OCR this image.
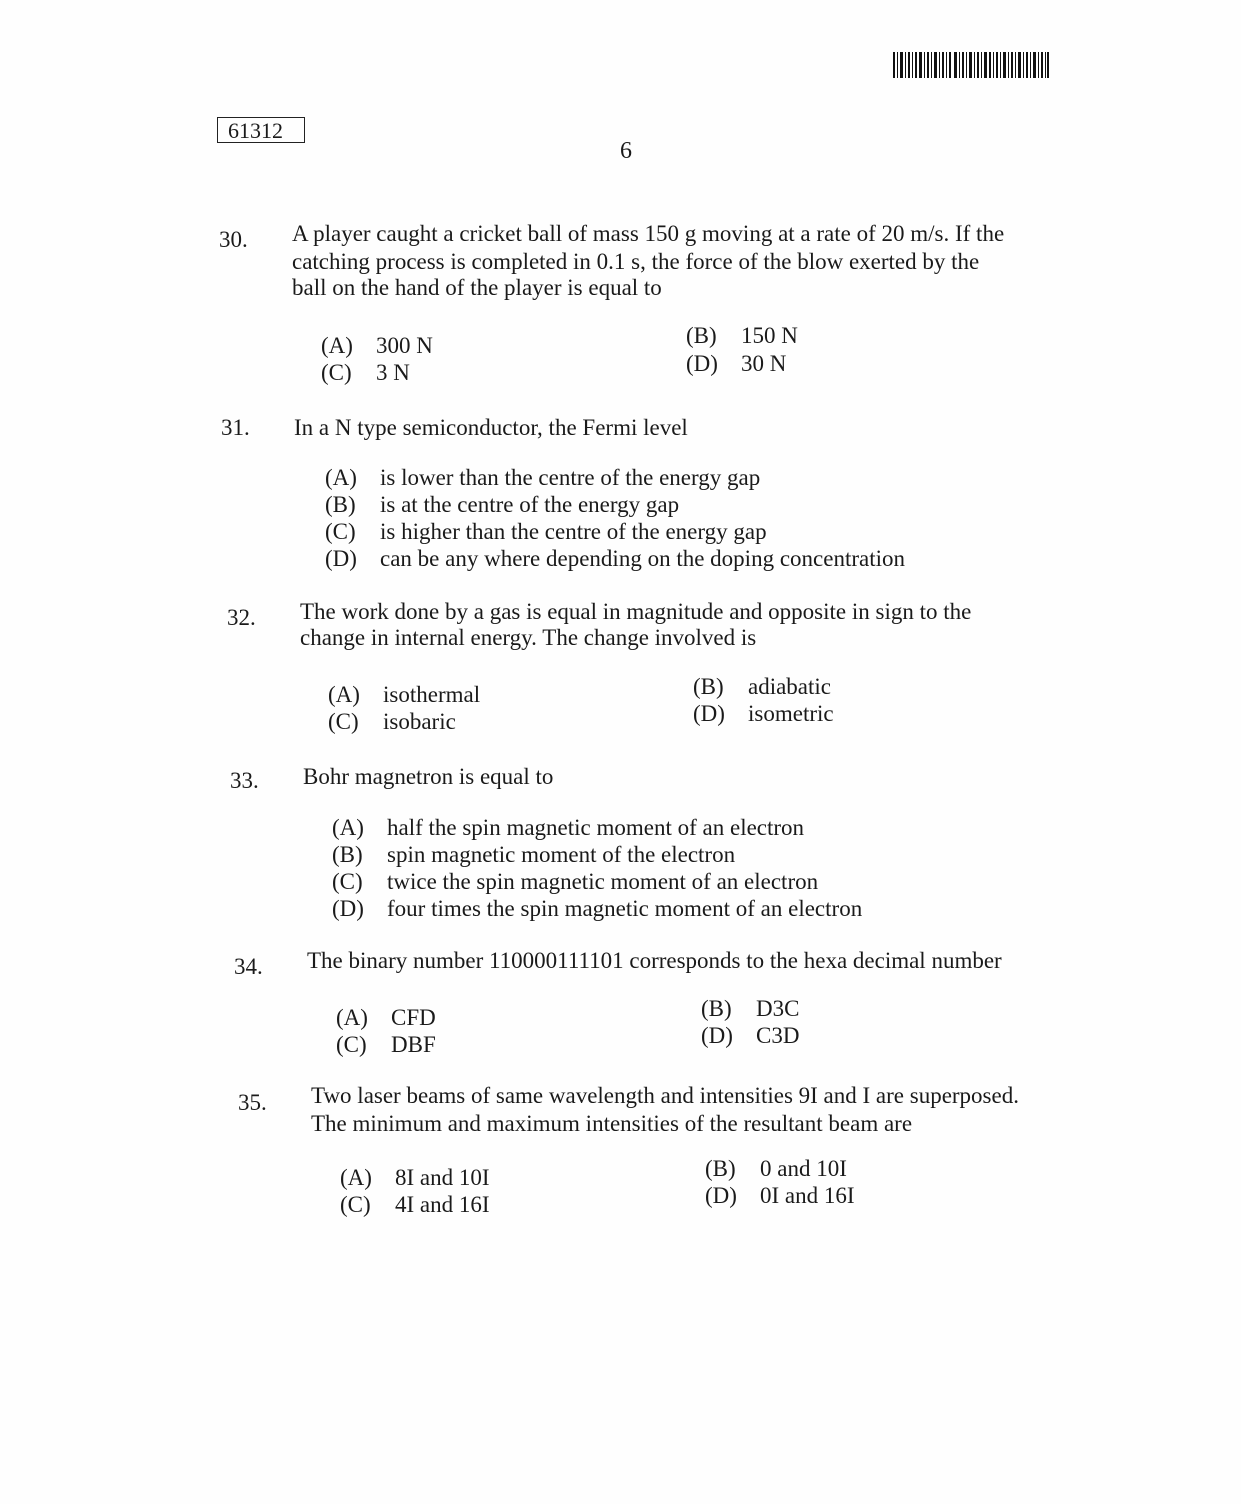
61312
6
30. A player caught a cricket ball of mass 150 g moving at a rate of 20 m/s. If the
catching process is completed in 0.1 s, the force of the blow exerted by the
ball on the hand of the player is equal to
(A) 300 N	(B) 150 N
(C) 3 N	(D) 30 N
31. In a N type semiconductor, the Fermi level
(A) is lower than the centre of the energy gap
(B) is at the centre of the energy gap
(C) is higher than the centre of the energy gap
(D) can be any where depending on the doping concentration
32. The work done by a gas is equal in magnitude and opposite in sign to the
change in internal energy. The change involved is
(A) isothermal	(B) adiabatic
(C) isobaric	(D) isometric
33. Bohr magnetron is equal to
(A) half the spin magnetic moment of an electron
(B) spin magnetic moment of the electron
(C) twice the spin magnetic moment of an electron
(D) four times the spin magnetic moment of an electron
34. The binary number 110000111101 corresponds to the hexa decimal number
(A) CFD	(B) D3C
(C) DBF	(D) C3D
35. Two laser beams of same wavelength and intensities 9I and I are superposed.
The minimum and maximum intensities of the resultant beam are
(A) 8I and 10I	(B) 0 and 10I
(C) 4I and 16I	(D) 0I and 16I
